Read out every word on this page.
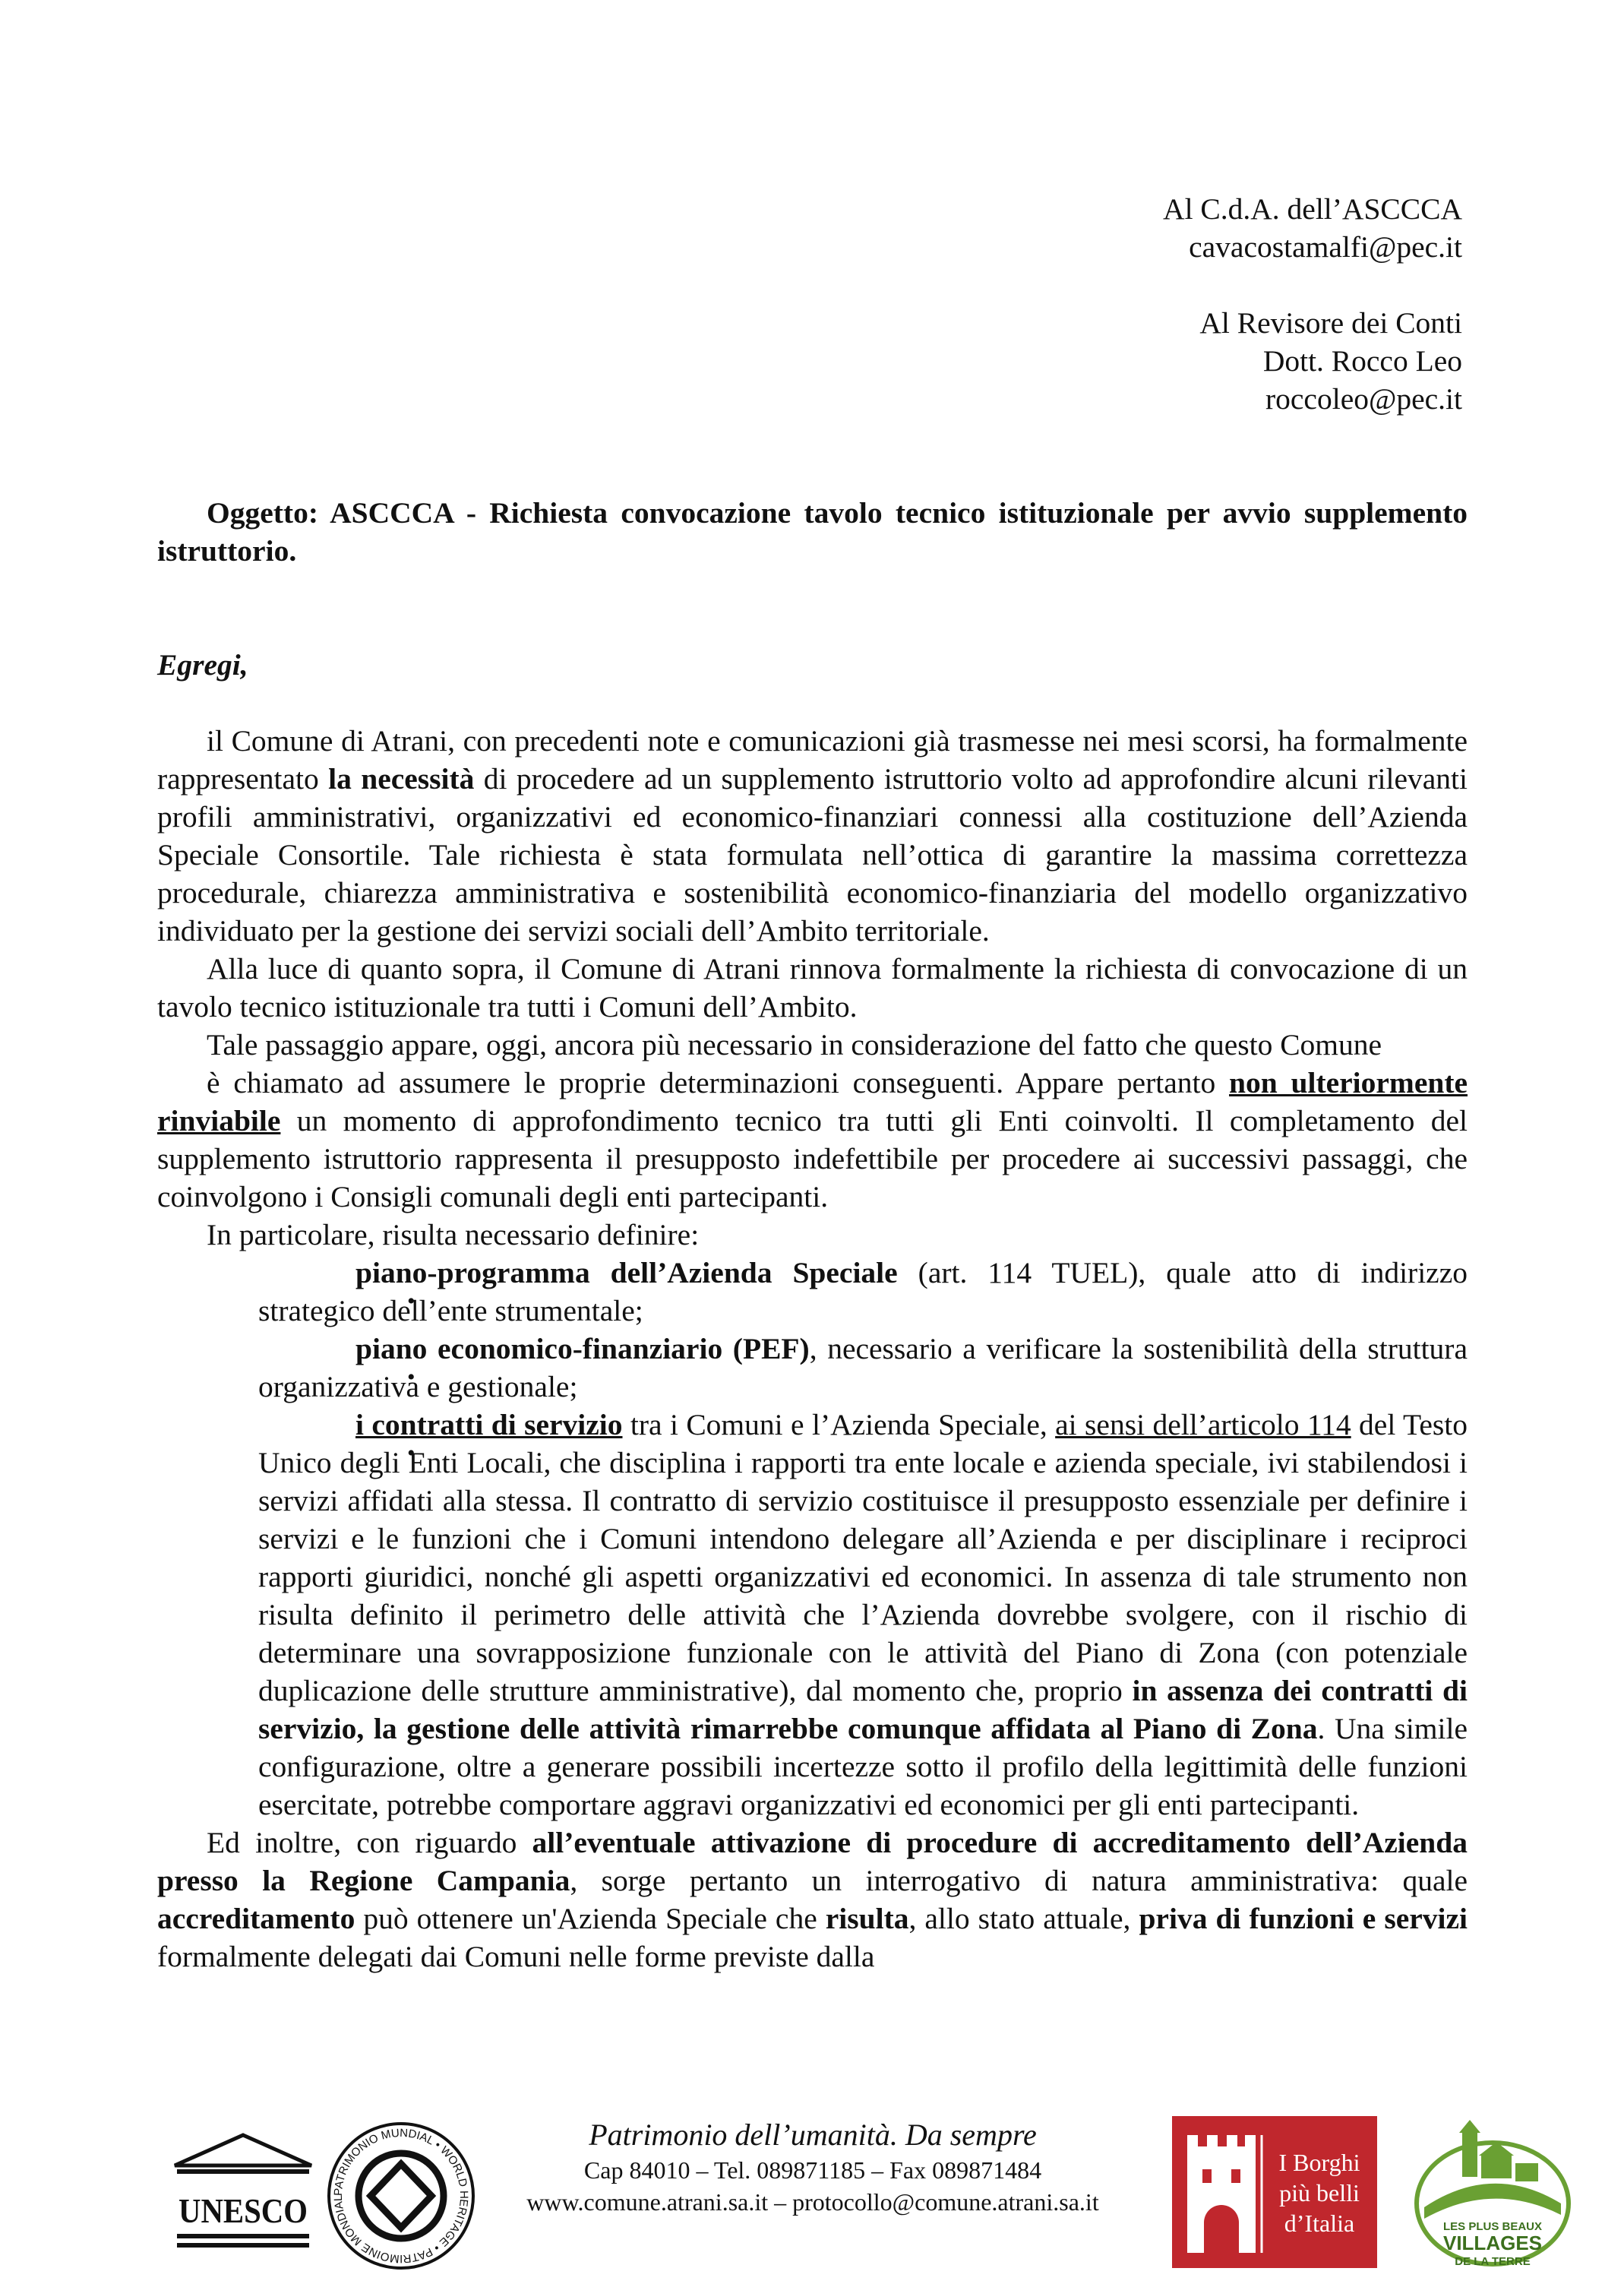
Al C.d.A. dell’ASCCCA
cavacostamalfi@pec.it
Al Revisore dei Conti
Dott. Rocco Leo
roccoleo@pec.it
Oggetto: ASCCCA - Richiesta convocazione tavolo tecnico istituzionale per avvio supplemento istruttorio.
Egregi,

il Comune di Atrani, con precedenti note e comunicazioni già trasmesse nei mesi scorsi, ha formalmente rappresentato la necessità di procedere ad un supplemento istruttorio volto ad approfondire alcuni rilevanti profili amministrativi, organizzativi ed economico-finanziari connessi alla costituzione dell’Azienda Speciale Consortile. Tale richiesta è stata formulata nell’ottica di garantire la massima correttezza procedurale, chiarezza amministrativa e sostenibilità economico-finanziaria del modello organizzativo individuato per la gestione dei servizi sociali dell’Ambito territoriale.

Alla luce di quanto sopra, il Comune di Atrani rinnova formalmente la richiesta di convocazione di un tavolo tecnico istituzionale tra tutti i Comuni dell’Ambito.

Tale passaggio appare, oggi, ancora più necessario in considerazione del fatto che questo Comune

è chiamato ad assumere le proprie determinazioni conseguenti. Appare pertanto non ulteriormente rinviabile un momento di approfondimento tecnico tra tutti gli Enti coinvolti. Il completamento del supplemento istruttorio rappresenta il presupposto indefettibile per procedere ai successivi passaggi, che coinvolgono i Consigli comunali degli enti partecipanti.

In particolare, risulta necessario definire:

piano-programma dell’Azienda Speciale (art. 114 TUEL), quale atto di indirizzo strategico dell’ente strumentale;
piano economico-finanziario (PEF), necessario a verificare la sostenibilità della struttura organizzativa e gestionale;
i contratti di servizio tra i Comuni e l’Azienda Speciale, ai sensi dell’articolo 114 del Testo Unico degli Enti Locali, che disciplina i rapporti tra ente locale e azienda speciale, ivi stabilendosi i servizi affidati alla stessa. Il contratto di servizio costituisce il presupposto essenziale per definire i servizi e le funzioni che i Comuni intendono delegare all’Azienda e per disciplinare i reciproci rapporti giuridici, nonché gli aspetti organizzativi ed economici. In assenza di tale strumento non risulta definito il perimetro delle attività che l’Azienda dovrebbe svolgere, con il rischio di determinare una sovrapposizione funzionale con le attività del Piano di Zona (con potenziale duplicazione delle strutture amministrative), dal momento che, proprio in assenza dei contratti di servizio, la gestione delle attività rimarrebbe comunque affidata al Piano di Zona. Una simile configurazione, oltre a generare possibili incertezze sotto il profilo della legittimità delle funzioni esercitate, potrebbe comportare aggravi organizzativi ed economici per gli enti partecipanti.

Ed inoltre, con riguardo all’eventuale attivazione di procedure di accreditamento dell’Azienda presso la Regione Campania, sorge pertanto un interrogativo di natura amministrativa: quale accreditamento può ottenere un'Azienda Speciale che risulta, allo stato attuale, priva di funzioni e servizi formalmente delegati dai Comuni nelle forme previste dalla

UNESCO PATRIMONIO MUNDIAL • WORLD HERITAGE • PATRIMOINE MONDIAL
Patrimonio dell’umanità. Da sempre
Cap 84010 – Tel. 089871185 – Fax 089871484
www.comune.atrani.sa.it – protocollo@comune.atrani.sa.it
I Borghi
più belli
d’Italia	LES PLUS BEAUX
VILLAGES
DE LA TERRE
